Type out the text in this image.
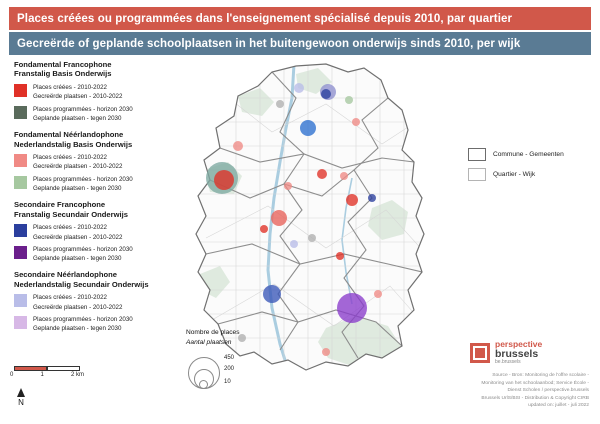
Places créées ou programmées dans l'enseignement spécialisé depuis 2010, par quartier
Gecreërde of geplande schoolplaatsen in het buitengewoon onderwijs sinds 2010, per wijk
Fondamental Francophone
Franstalig Basis Onderwijs
Places créées - 2010-2022
Gecreërde plaatsen - 2010-2022
Places programmées - horizon 2030
Geplande plaatsen - tegen 2030
Fondamental Néérlandophone
Nederlandstalig Basis Onderwijs
Places créées - 2010-2022
Gecreërde plaatsen - 2010-2022
Places programmées - horizon 2030
Geplande plaatsen - tegen 2030
Secondaire Francophone
Franstalig Secundair Onderwijs
Places créées - 2010-2022
Gecreërde plaatsen - 2010-2022
Places programmées - horizon 2030
Geplande plaatsen - tegen 2030
Secondaire Néérlandophone
Nederlandstalig Secundair Onderwijs
Places créées - 2010-2022
Gecreërde plaatsen - 2010-2022
Places programmées - horizon 2030
Geplande plaatsen - tegen 2030
Commune - Gemeenten
Quartier - Wijk
Nombre de places
Aantal plaatsen
450
200
10
0	1	2 km
N
perspective
brussels
be.brussels
Source - Bron: Monitoring de l'offre scolaire -
Monitoring van het schoolaanbod; Service École -
Dienst Scholen / perspective.brussels
Brussels UrlS/BSI - Distribution & Copyright CIRB
updated on: juillet - juli 2022
